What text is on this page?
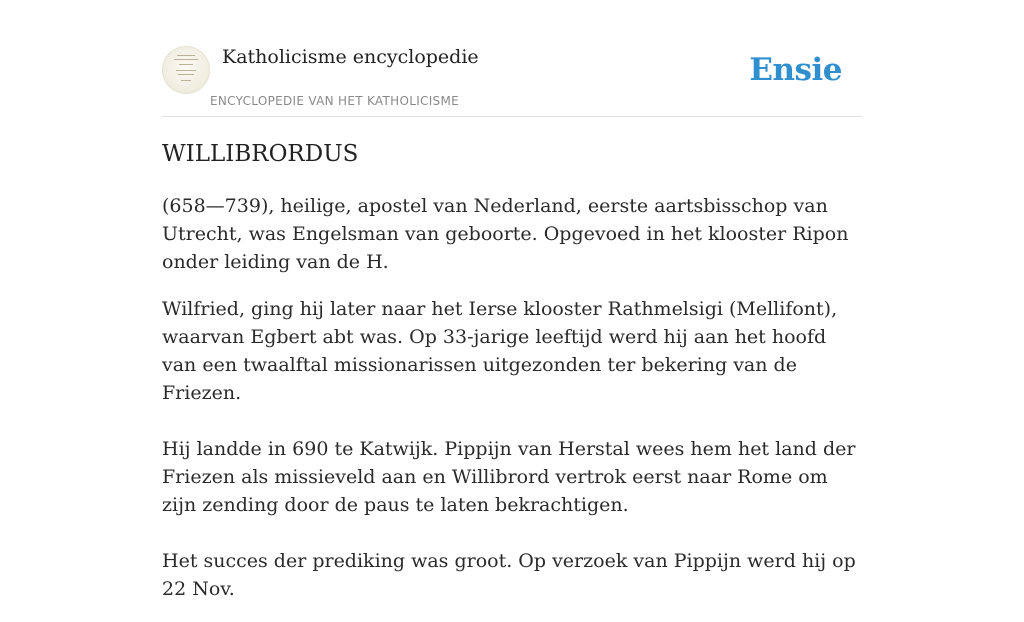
Katholicisme encyclopedie
ENCYCLOPEDIE VAN HET KATHOLICISME
Ensie
WILLIBRORDUS

(658—739), heilige, apostel van Nederland, eerste aartsbisschop van Utrecht, was Engelsman van geboorte. Opgevoed in het klooster Ripon onder leiding van de H.

Wilfried, ging hij later naar het Ierse klooster Rathmelsigi (Mellifont), waarvan Egbert abt was. Op 33-jarige leeftijd werd hij aan het hoofd van een twaalftal missionarissen uitgezonden ter bekering van de Friezen.

Hij landde in 690 te Katwijk. Pippijn van Herstal wees hem het land der Friezen als missieveld aan en Willibrord vertrok eerst naar Rome om zijn zending door de paus te laten bekrachtigen.

Het succes der prediking was groot. Op verzoek van Pippijn werd hij op 22 Nov.
